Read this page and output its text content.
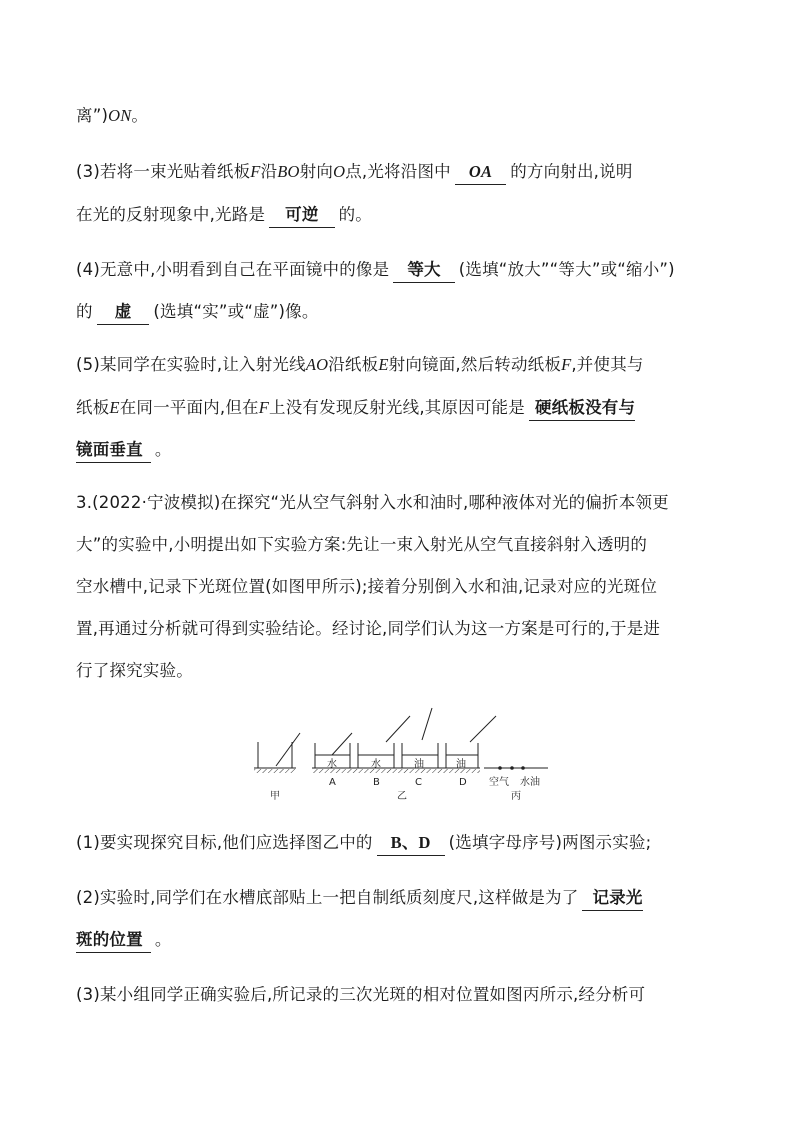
离”)ON。
(3)若将一束光贴着纸板F沿BO射向O点,光将沿图中 OA 的方向射出,说明
在光的反射现象中,光路是 可逆 的。
(4)无意中,小明看到自己在平面镜中的像是 等大 (选填“放大”“等大”或“缩小”)
的 虚 (选填“实”或“虚”)像。
(5)某同学在实验时,让入射光线AO沿纸板E射向镜面,然后转动纸板F,并使其与
纸板E在同一平面内,但在F上没有发现反射光线,其原因可能是 硬纸板没有与
镜面垂直 。
3.(2022·宁波模拟)在探究“光从空气斜射入水和油时,哪种液体对光的偏折本领更
大”的实验中,小明提出如下实验方案:先让一束入射光从空气直接斜射入透明的
空水槽中,记录下光斑位置(如图甲所示);接着分别倒入水和油,记录对应的光斑位
置,再通过分析就可得到实验结论。经讨论,同学们认为这一方案是可行的,于是进
行了探究实验。
水	水	油	油
A	B	C	D 空气 水油
甲	乙	丙
(1)要实现探究目标,他们应选择图乙中的 B、D (选填字母序号)两图示实验;
(2)实验时,同学们在水槽底部贴上一把自制纸质刻度尺,这样做是为了 记录光
斑的位置 。
(3)某小组同学正确实验后,所记录的三次光斑的相对位置如图丙所示,经分析可
